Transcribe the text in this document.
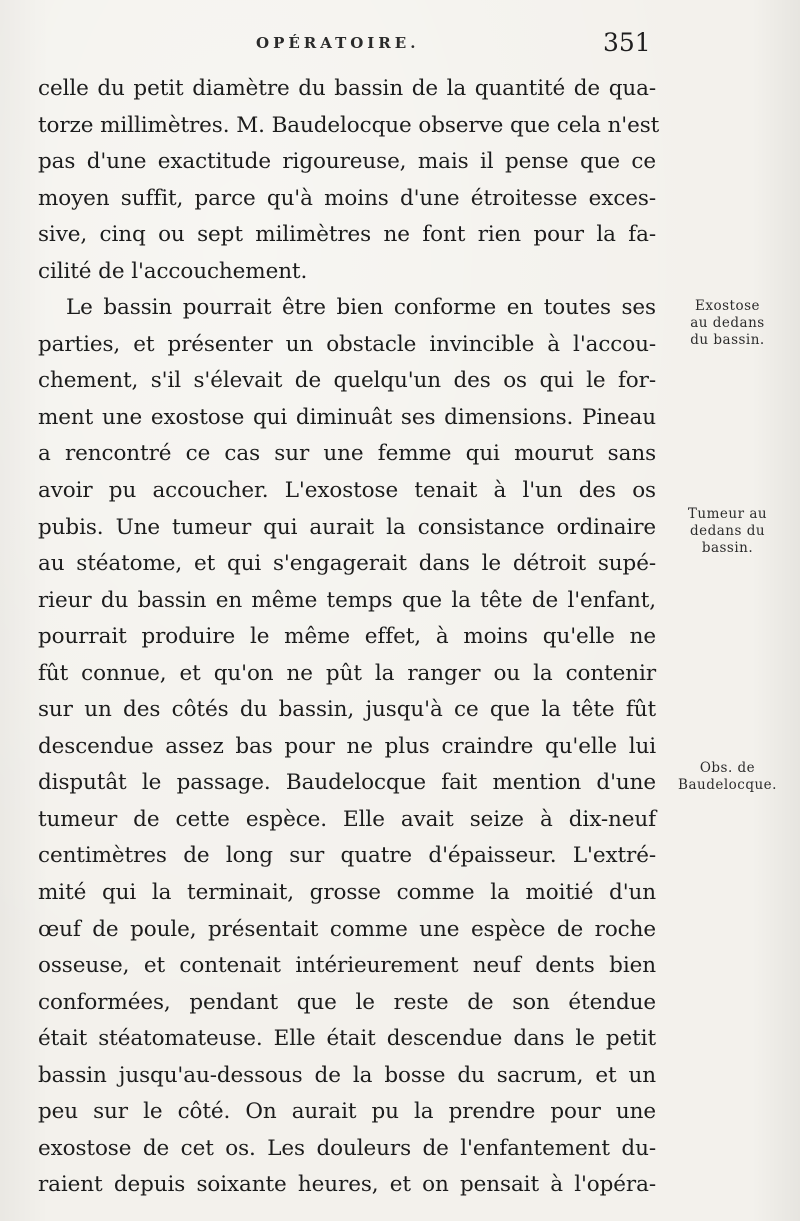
OPÉRATOIRE.	351
celle du petit diamètre du bassin de la quantité de qua-
torze millimètres. M. Baudelocque observe que cela n'est
pas d'une exactitude rigoureuse, mais il pense que ce
moyen suffit, parce qu'à moins d'une étroitesse exces-
sive, cinq ou sept milimètres ne font rien pour la fa-
cilité de l'accouchement.
Le bassin pourrait être bien conforme en toutes ses
parties, et présenter un obstacle invincible à l'accou-
chement, s'il s'élevait de quelqu'un des os qui le for-
ment une exostose qui diminuât ses dimensions. Pineau
a rencontré ce cas sur une femme qui mourut sans
avoir pu accoucher. L'exostose tenait à l'un des os
pubis. Une tumeur qui aurait la consistance ordinaire
au stéatome, et qui s'engagerait dans le détroit supé-
rieur du bassin en même temps que la tête de l'enfant,
pourrait produire le même effet, à moins qu'elle ne
fût connue, et qu'on ne pût la ranger ou la contenir
sur un des côtés du bassin, jusqu'à ce que la tête fût
descendue assez bas pour ne plus craindre qu'elle lui
disputât le passage. Baudelocque fait mention d'une
tumeur de cette espèce. Elle avait seize à dix-neuf
centimètres de long sur quatre d'épaisseur. L'extré-
mité qui la terminait, grosse comme la moitié d'un
œuf de poule, présentait comme une espèce de roche
osseuse, et contenait intérieurement neuf dents bien
conformées, pendant que le reste de son étendue
était stéatomateuse. Elle était descendue dans le petit
bassin jusqu'au-dessous de la bosse du sacrum, et un
peu sur le côté. On aurait pu la prendre pour une
exostose de cet os. Les douleurs de l'enfantement du-
raient depuis soixante heures, et on pensait à l'opéra-
Exostose
au dedans
du bassin.
Tumeur au
dedans du
bassin.
Obs. de
Baudelocque.
